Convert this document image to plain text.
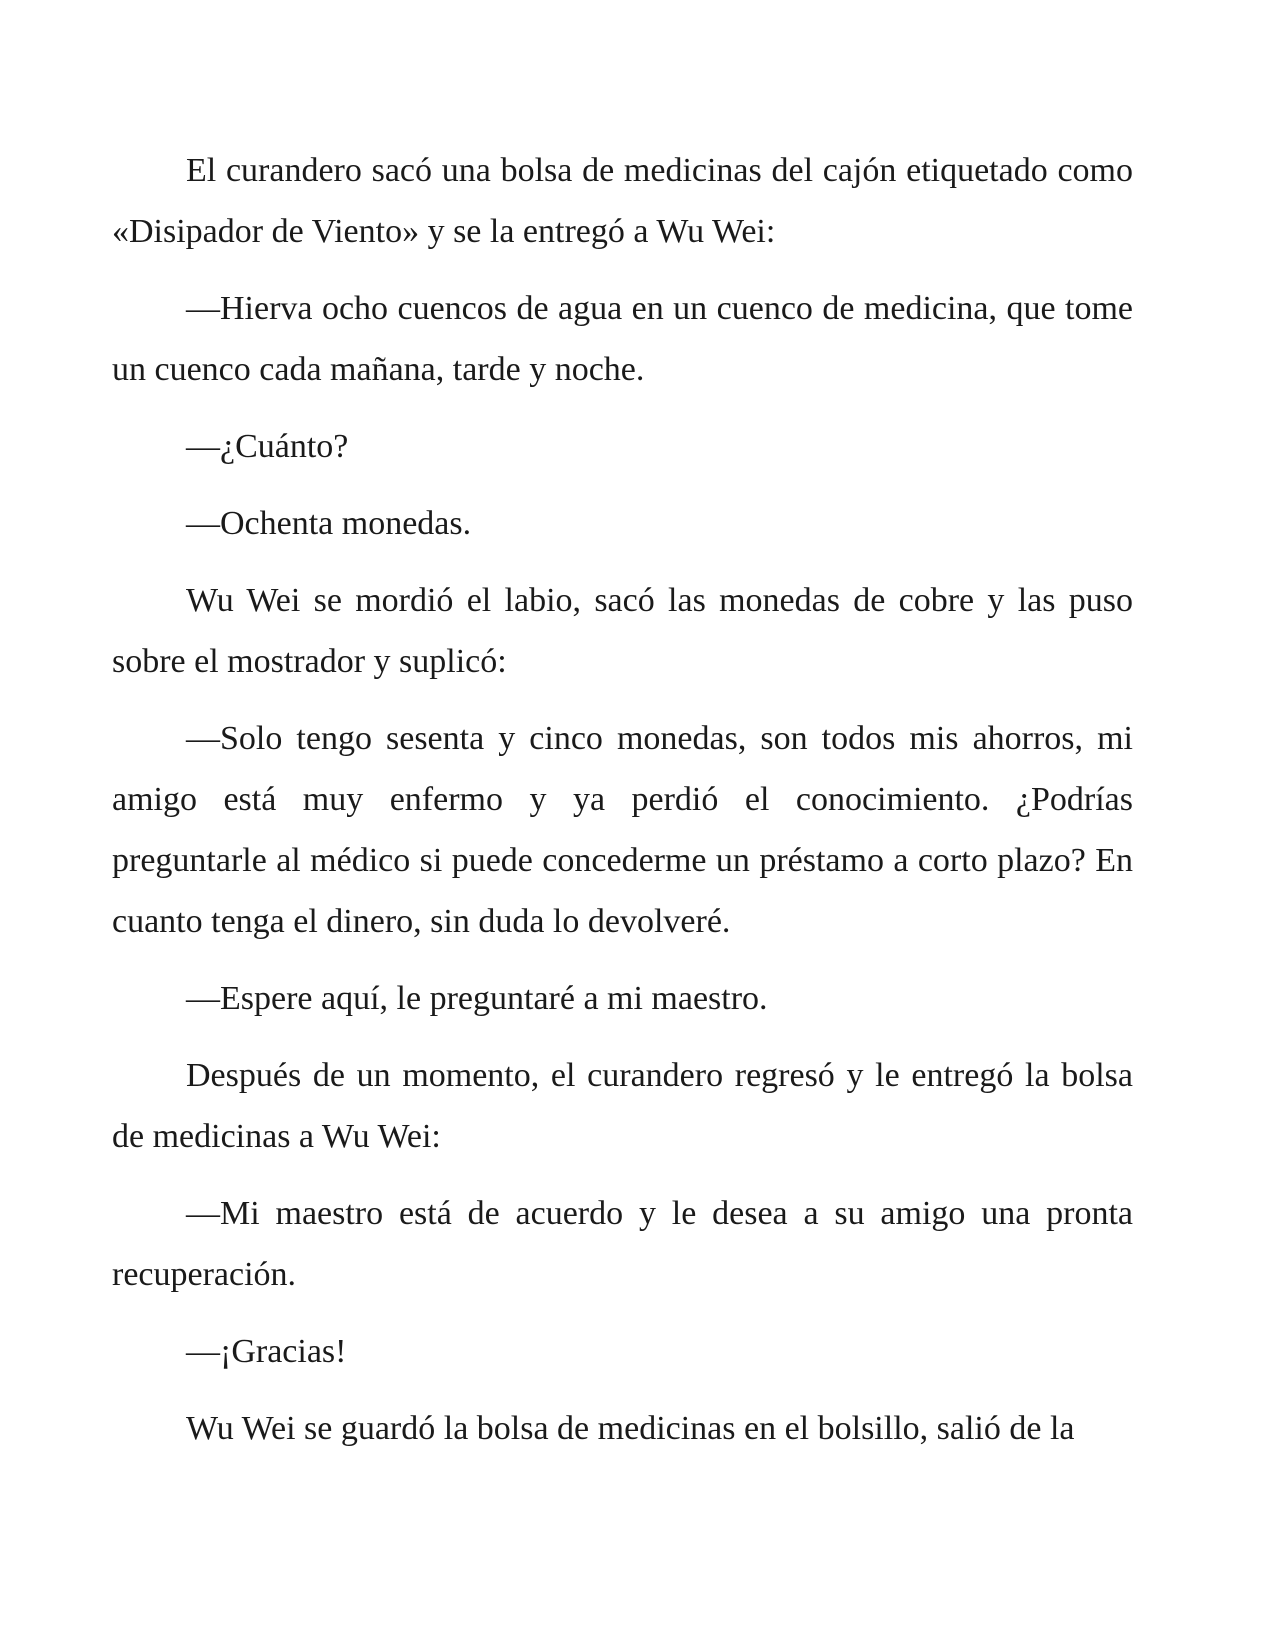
El curandero sacó una bolsa de medicinas del cajón etiquetado como «Disipador de Viento» y se la entregó a Wu Wei:

—Hierva ocho cuencos de agua en un cuenco de medicina, que tome un cuenco cada mañana, tarde y noche.

—¿Cuánto?

—Ochenta monedas.

Wu Wei se mordió el labio, sacó las monedas de cobre y las puso sobre el mostrador y suplicó:

—Solo tengo sesenta y cinco monedas, son todos mis ahorros, mi amigo está muy enfermo y ya perdió el conocimiento. ¿Podrías preguntarle al médico si puede concederme un préstamo a corto plazo? En cuanto tenga el dinero, sin duda lo devolveré.

—Espere aquí, le preguntaré a mi maestro.

Después de un momento, el curandero regresó y le entregó la bolsa de medicinas a Wu Wei:

—Mi maestro está de acuerdo y le desea a su amigo una pronta recuperación.

—¡Gracias!

Wu Wei se guardó la bolsa de medicinas en el bolsillo, salió de la
